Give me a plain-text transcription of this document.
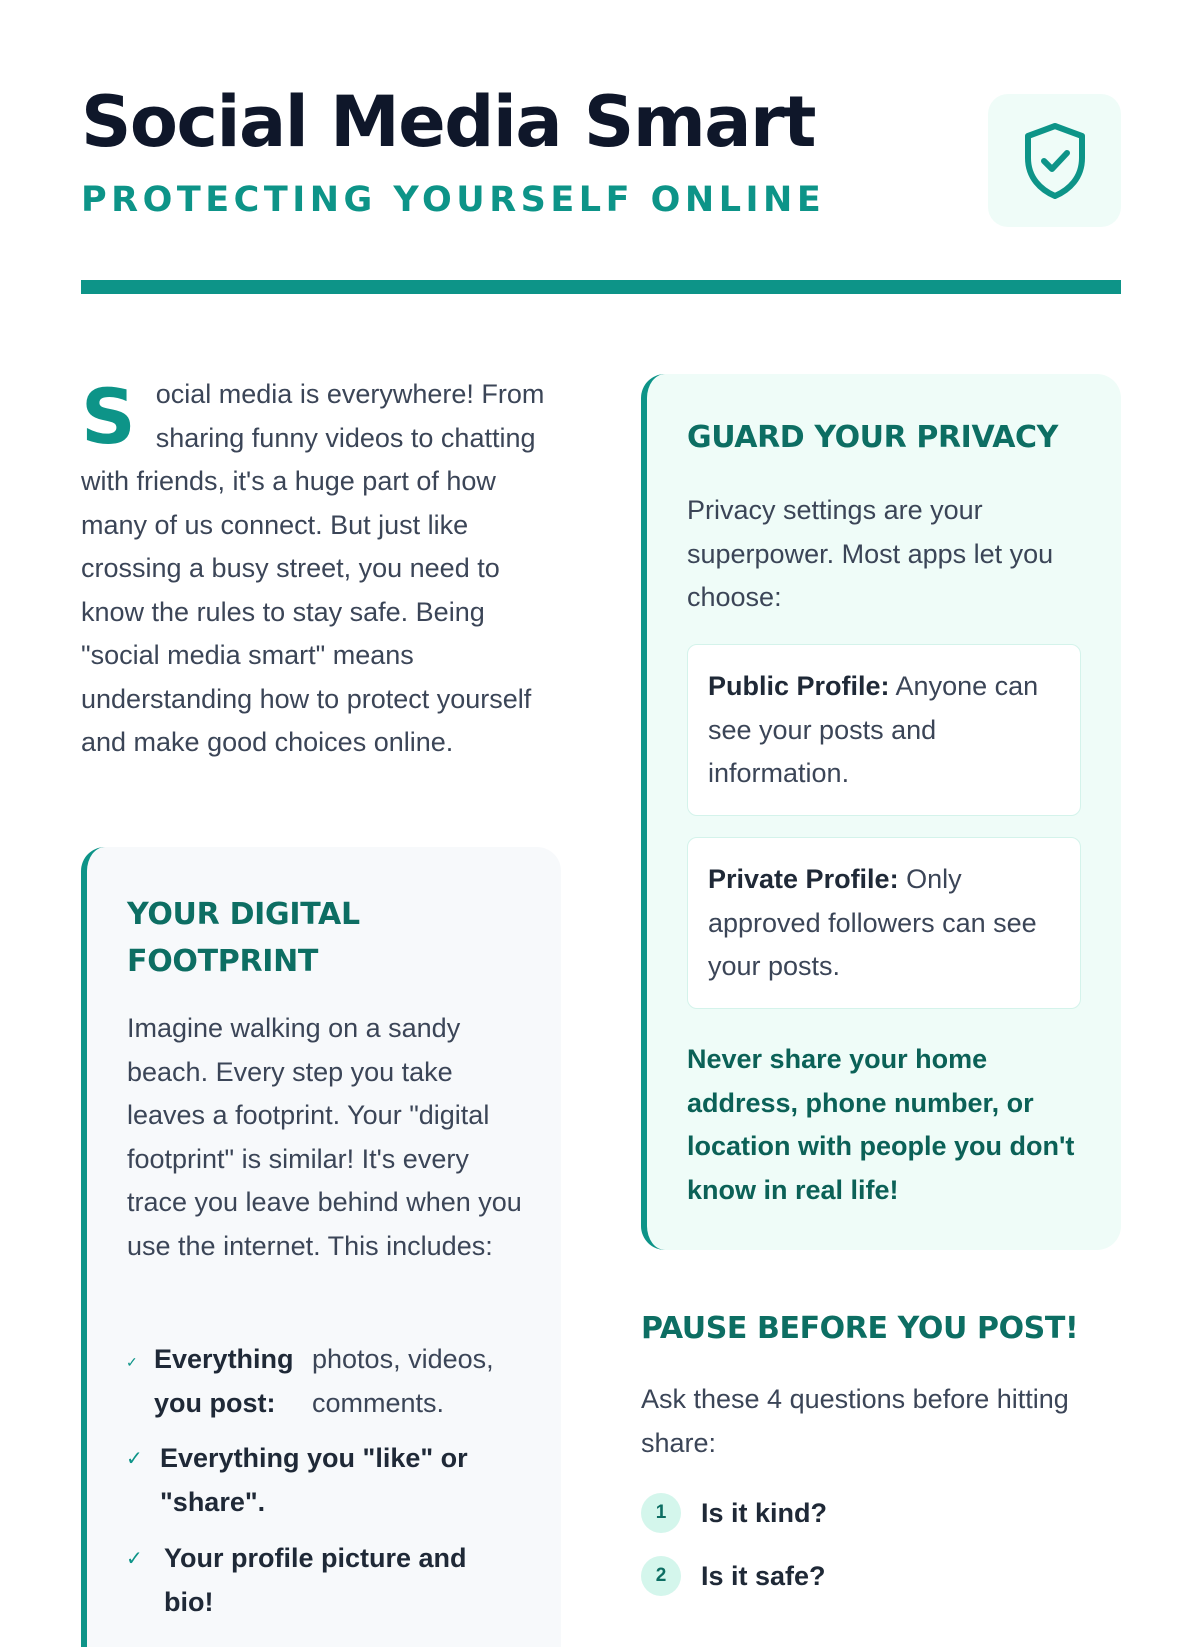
Social Media Smart
PROTECTING YOURSELF ONLINE

Social media is everywhere! From sharing funny videos to chatting with friends, it's a huge part of how many of us connect. But just like crossing a busy street, you need to know the rules to stay safe. Being "social media smart" means understanding how to protect yourself and make good choices online.

YOUR DIGITAL FOOTPRINT

Imagine walking on a sandy beach. Every step you take leaves a footprint. Your "digital footprint" is similar! It's every trace you leave behind when you use the internet. This includes:

✓ Everything you post:
photos, videos, comments.
✓ Everything you "like" or "share".
✓ Your profile picture and bio!
GUARD YOUR PRIVACY

Privacy settings are your superpower. Most apps let you choose:

Public Profile: Anyone can see your posts and information.
Private Profile: Only approved followers can see your posts.

Never share your home address, phone number, or location with people you don't know in real life!

PAUSE BEFORE YOU POST!

Ask these 4 questions before hitting share:

1	Is it kind?
2	Is it safe?
